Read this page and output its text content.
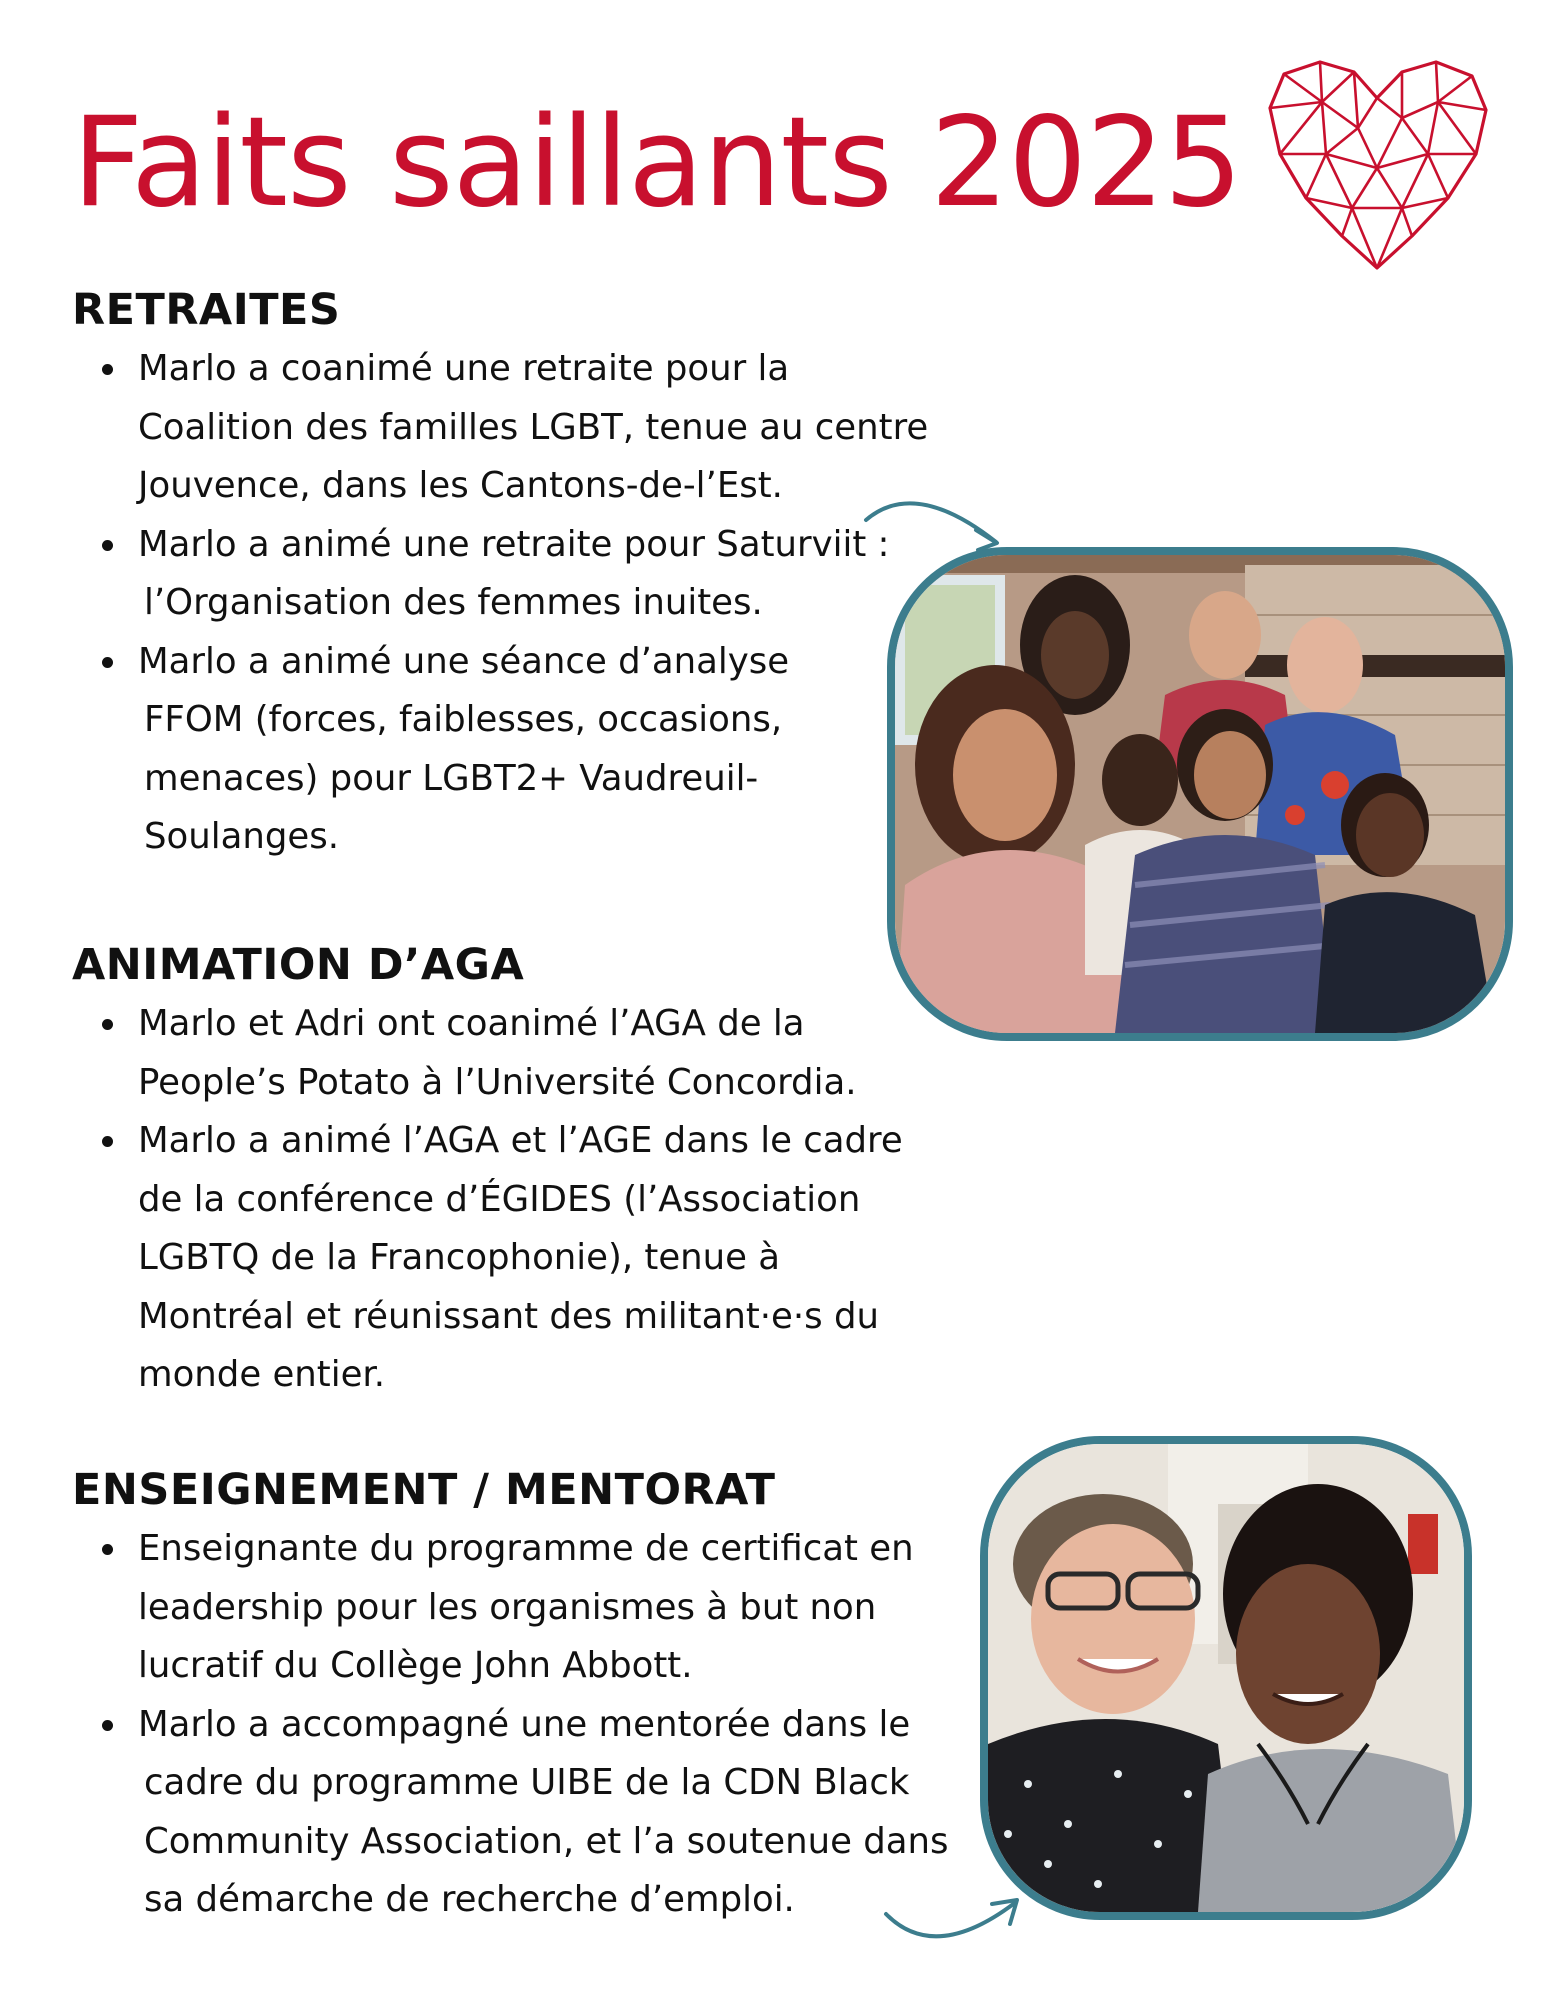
Faits saillants 2025
RETRAITES
Marlo a coanimé une retraite pour la
Coalition des familles LGBT, tenue au centre
Jouvence, dans les Cantons-de-l’Est.
Marlo a animé une retraite pour Saturviit :
l’Organisation des femmes inuites.
Marlo a animé une séance d’analyse
FFOM (forces, faiblesses, occasions,
menaces) pour LGBT2+ Vaudreuil-
Soulanges.
ANIMATION D’AGA
Marlo et Adri ont coanimé l’AGA de la
People’s Potato à l’Université Concordia.
Marlo a animé l’AGA et l’AGE dans le cadre
de la conférence d’ÉGIDES (l’Association
LGBTQ de la Francophonie), tenue à
Montréal et réunissant des militant·e·s du
monde entier.
ENSEIGNEMENT / MENTORAT
Enseignante du programme de certificat en
leadership pour les organismes à but non
lucratif du Collège John Abbott.
Marlo a accompagné une mentorée dans le
cadre du programme UIBE de la CDN Black
Community Association, et l’a soutenue dans
sa démarche de recherche d’emploi.
